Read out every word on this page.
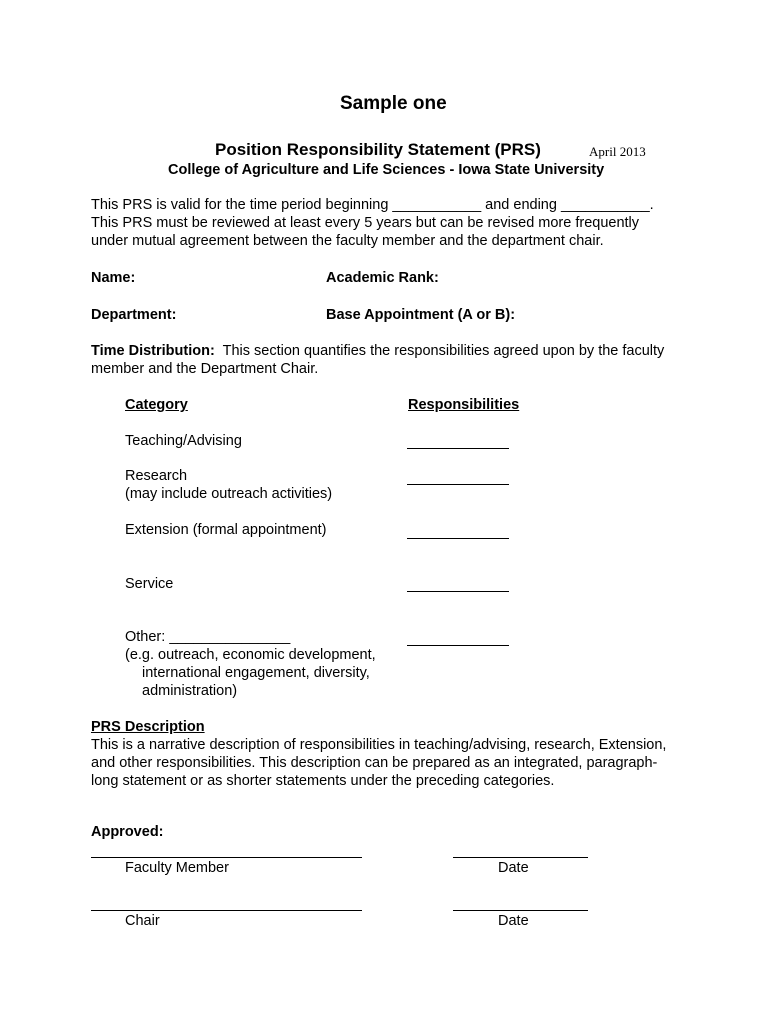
Sample one
Position Responsibility Statement (PRS)	April 2013
College of Agriculture and Life Sciences - Iowa State University
This PRS is valid for the time period beginning ___________ and ending ___________.
This PRS must be reviewed at least every 5 years but can be revised more frequently
under mutual agreement between the faculty member and the department chair.
Name:	Academic Rank:
Department:	Base Appointment (A or B):
Time Distribution:  This section quantifies the responsibilities agreed upon by the faculty
member and the Department Chair.
Category	Responsibilities
Teaching/Advising
Research
(may include outreach activities)
Extension (formal appointment)
Service
Other: _______________
(e.g. outreach, economic development,
international engagement, diversity,
administration)
PRS Description
This is a narrative description of responsibilities in teaching/advising, research, Extension,
and other responsibilities. This description can be prepared as an integrated, paragraph-
long statement or as shorter statements under the preceding categories.
Approved:
Faculty Member	Date
Chair	Date
